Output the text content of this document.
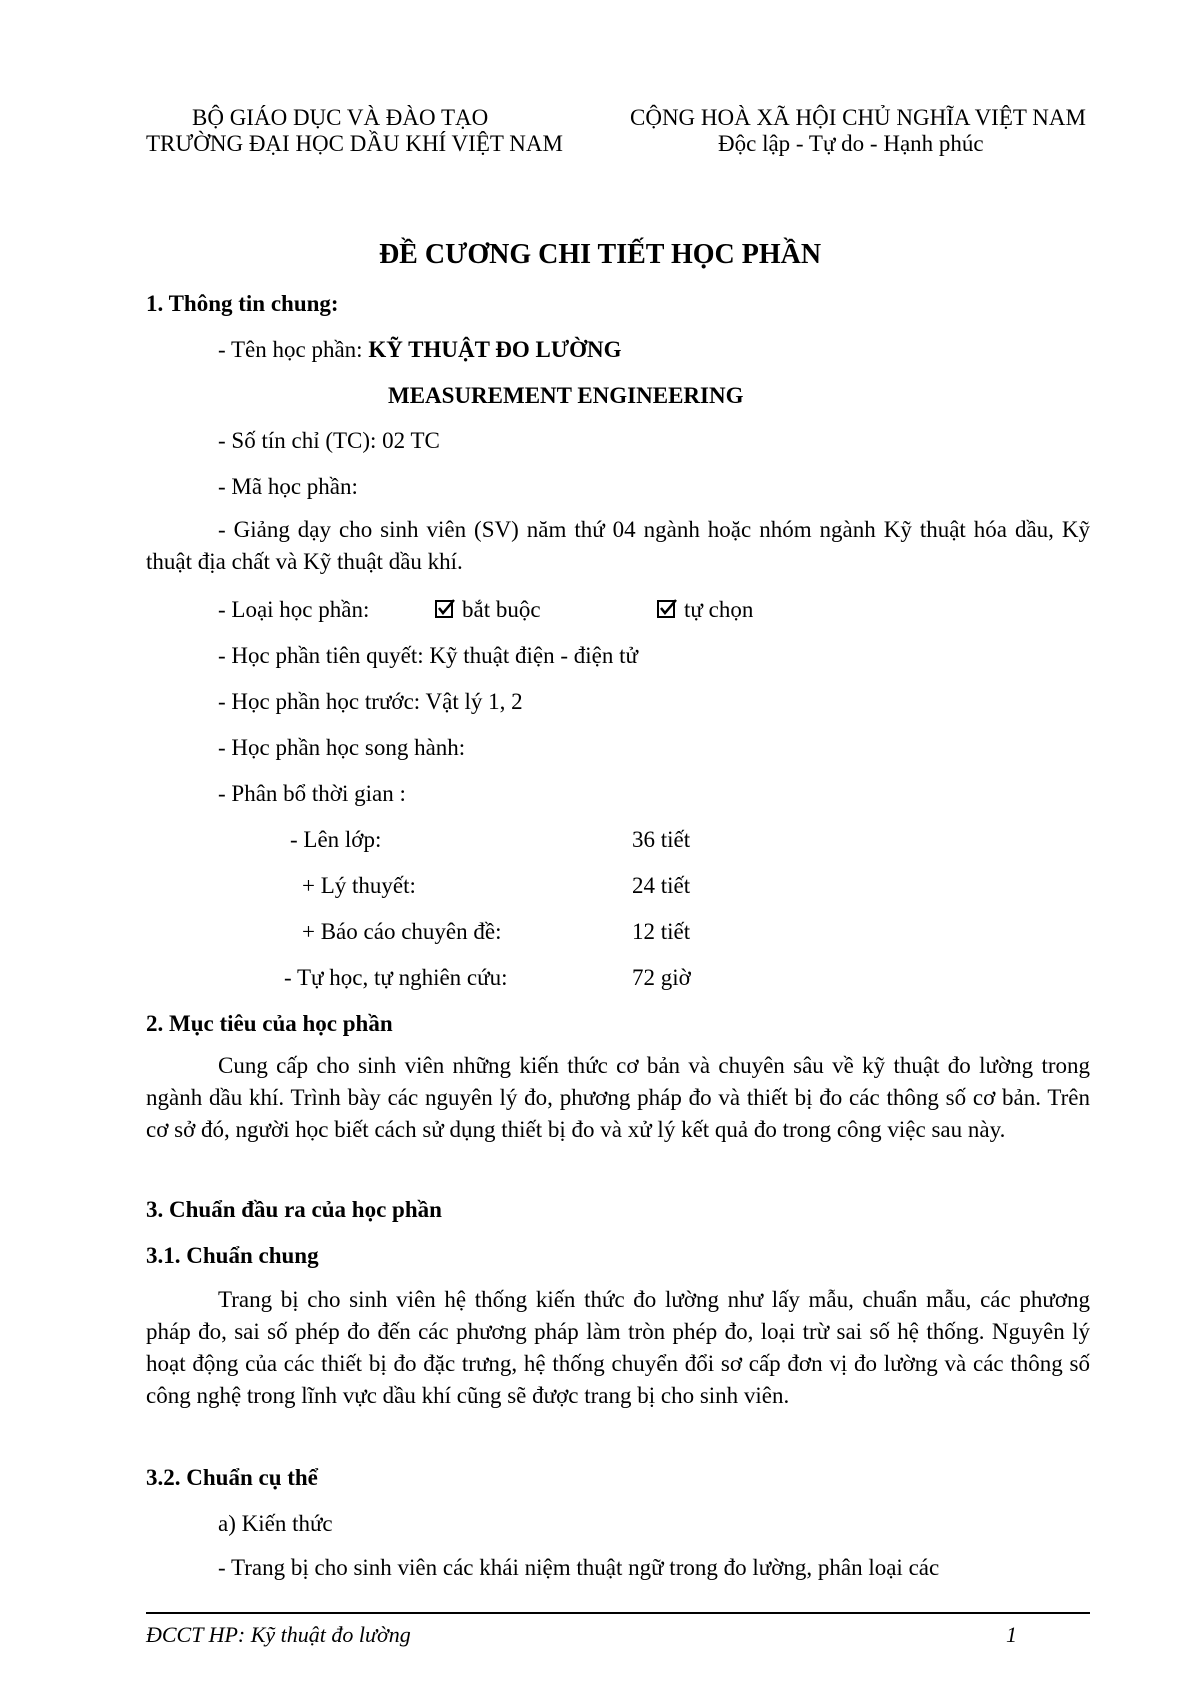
BỘ GIÁO DỤC VÀ ĐÀO TẠO
TRƯỜNG ĐẠI HỌC DẦU KHÍ VIỆT NAM
CỘNG HOÀ XÃ HỘI CHỦ NGHĨA VIỆT NAM
Độc lập - Tự do - Hạnh phúc
ĐỀ CƯƠNG CHI TIẾT HỌC PHẦN
1. Thông tin chung:
- Tên học phần: KỸ THUẬT ĐO LƯỜNG
MEASUREMENT ENGINEERING
- Số tín chỉ (TC): 02 TC
- Mã học phần:
- Giảng dạy cho sinh viên (SV) năm thứ 04 ngành hoặc nhóm ngành Kỹ thuật hóa dầu, Kỹ thuật địa chất và Kỹ thuật dầu khí.
- Loại học phần:	bắt buộc	tự chọn
- Học phần tiên quyết: Kỹ thuật điện - điện tử
- Học phần học trước: Vật lý 1, 2
- Học phần học song hành:
- Phân bổ thời gian :
- Lên lớp:	36 tiết
+ Lý thuyết:	24 tiết
+ Báo cáo chuyên đề:	12 tiết
- Tự học, tự nghiên cứu:	72 giờ
2. Mục tiêu của học phần
Cung cấp cho sinh viên những kiến thức cơ bản và chuyên sâu về kỹ thuật đo lường trong ngành dầu khí. Trình bày các nguyên lý đo, phương pháp đo và thiết bị đo các thông số cơ bản. Trên cơ sở đó, người học biết cách sử dụng thiết bị đo và xử lý kết quả đo trong công việc sau này.
3. Chuẩn đầu ra của học phần
3.1. Chuẩn chung
Trang bị cho sinh viên hệ thống kiến thức đo lường như lấy mẫu, chuẩn mẫu, các phương pháp đo, sai số phép đo đến các phương pháp làm tròn phép đo, loại trừ sai số hệ thống. Nguyên lý hoạt động của các thiết bị đo đặc trưng, hệ thống chuyển đổi sơ cấp đơn vị đo lường và các thông số công nghệ trong lĩnh vực dầu khí cũng sẽ được trang bị cho sinh viên.
3.2. Chuẩn cụ thể
a) Kiến thức
- Trang bị cho sinh viên các khái niệm thuật ngữ trong đo lường, phân loại các
ĐCCT HP: Kỹ thuật đo lường	1
